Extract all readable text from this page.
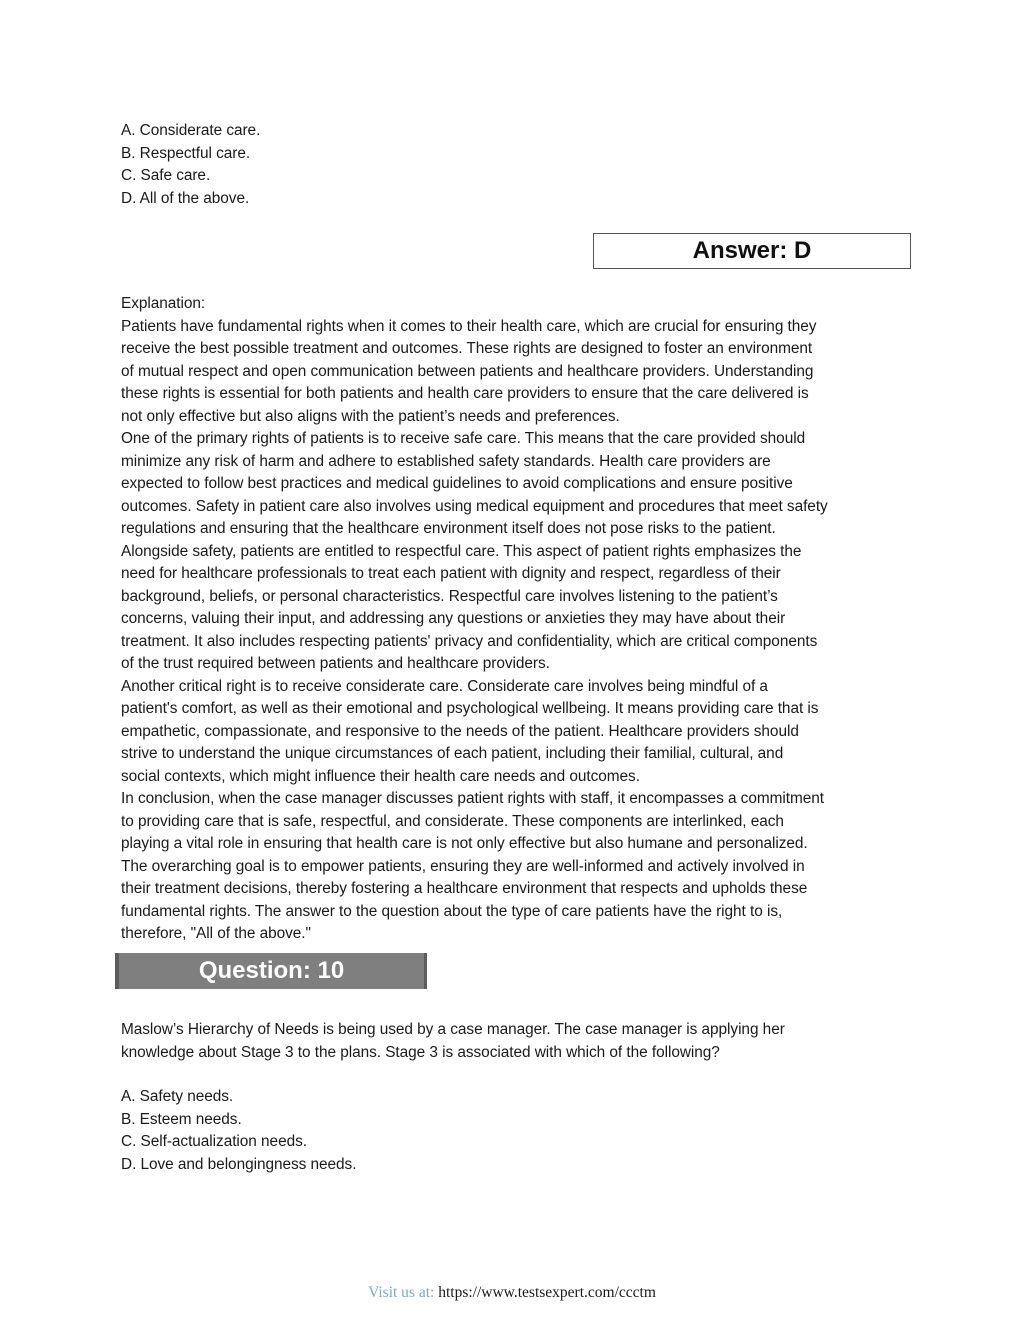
A. Considerate care.
B. Respectful care.
C. Safe care.
D. All of the above.
Answer: D
Explanation:
Patients have fundamental rights when it comes to their health care, which are crucial for ensuring they
receive the best possible treatment and outcomes. These rights are designed to foster an environment
of mutual respect and open communication between patients and healthcare providers. Understanding
these rights is essential for both patients and health care providers to ensure that the care delivered is
not only effective but also aligns with the patient’s needs and preferences.
One of the primary rights of patients is to receive safe care. This means that the care provided should
minimize any risk of harm and adhere to established safety standards. Health care providers are
expected to follow best practices and medical guidelines to avoid complications and ensure positive
outcomes. Safety in patient care also involves using medical equipment and procedures that meet safety
regulations and ensuring that the healthcare environment itself does not pose risks to the patient.
Alongside safety, patients are entitled to respectful care. This aspect of patient rights emphasizes the
need for healthcare professionals to treat each patient with dignity and respect, regardless of their
background, beliefs, or personal characteristics. Respectful care involves listening to the patient’s
concerns, valuing their input, and addressing any questions or anxieties they may have about their
treatment. It also includes respecting patients' privacy and confidentiality, which are critical components
of the trust required between patients and healthcare providers.
Another critical right is to receive considerate care. Considerate care involves being mindful of a
patient's comfort, as well as their emotional and psychological wellbeing. It means providing care that is
empathetic, compassionate, and responsive to the needs of the patient. Healthcare providers should
strive to understand the unique circumstances of each patient, including their familial, cultural, and
social contexts, which might influence their health care needs and outcomes.
In conclusion, when the case manager discusses patient rights with staff, it encompasses a commitment
to providing care that is safe, respectful, and considerate. These components are interlinked, each
playing a vital role in ensuring that health care is not only effective but also humane and personalized.
The overarching goal is to empower patients, ensuring they are well-informed and actively involved in
their treatment decisions, thereby fostering a healthcare environment that respects and upholds these
fundamental rights. The answer to the question about the type of care patients have the right to is,
therefore, "All of the above."
Question: 10
Maslow’s Hierarchy of Needs is being used by a case manager. The case manager is applying her
knowledge about Stage 3 to the plans. Stage 3 is associated with which of the following?
A. Safety needs.
B. Esteem needs.
C. Self-actualization needs.
D. Love and belongingness needs.
Visit us at: https://www.testsexpert.com/ccctm
